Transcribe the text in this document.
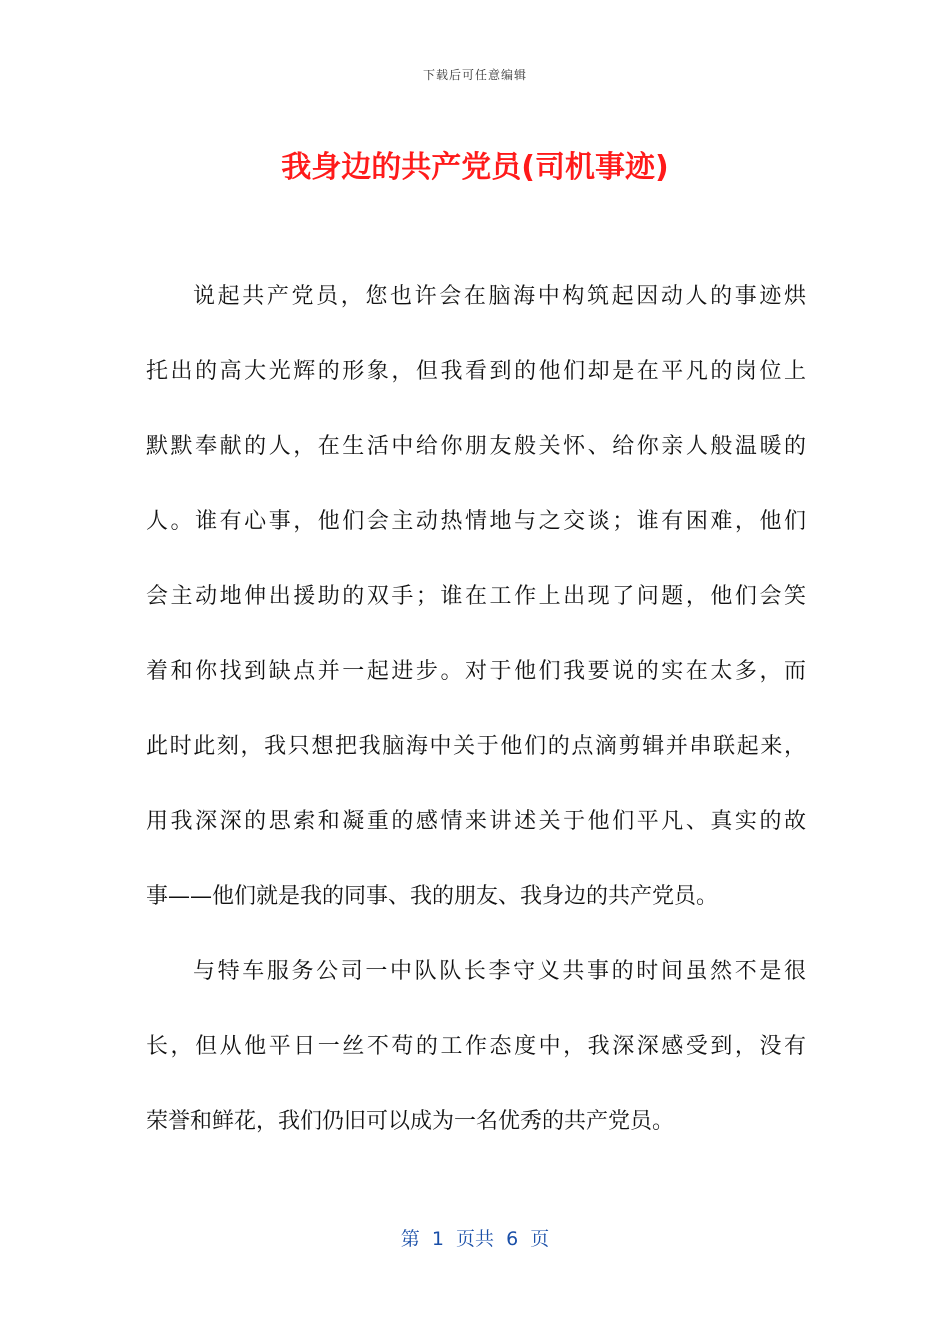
下载后可任意编辑
我身边的共产党员(司机事迹)

说起共产党员，您也许会在脑海中构筑起因动人的事迹烘

托出的高大光辉的形象，但我看到的他们却是在平凡的岗位上

默默奉献的人，在生活中给你朋友般关怀、给你亲人般温暖的

人。谁有心事，他们会主动热情地与之交谈；谁有困难，他们

会主动地伸出援助的双手；谁在工作上出现了问题，他们会笑

着和你找到缺点并一起进步。对于他们我要说的实在太多，而

此时此刻，我只想把我脑海中关于他们的点滴剪辑并串联起来，

用我深深的思索和凝重的感情来讲述关于他们平凡、真实的故

事——他们就是我的同事、我的朋友、我身边的共产党员。

与特车服务公司一中队队长李守义共事的时间虽然不是很

长，但从他平日一丝不苟的工作态度中，我深深感受到，没有

荣誉和鲜花，我们仍旧可以成为一名优秀的共产党员。

第  1  页共  6  页
